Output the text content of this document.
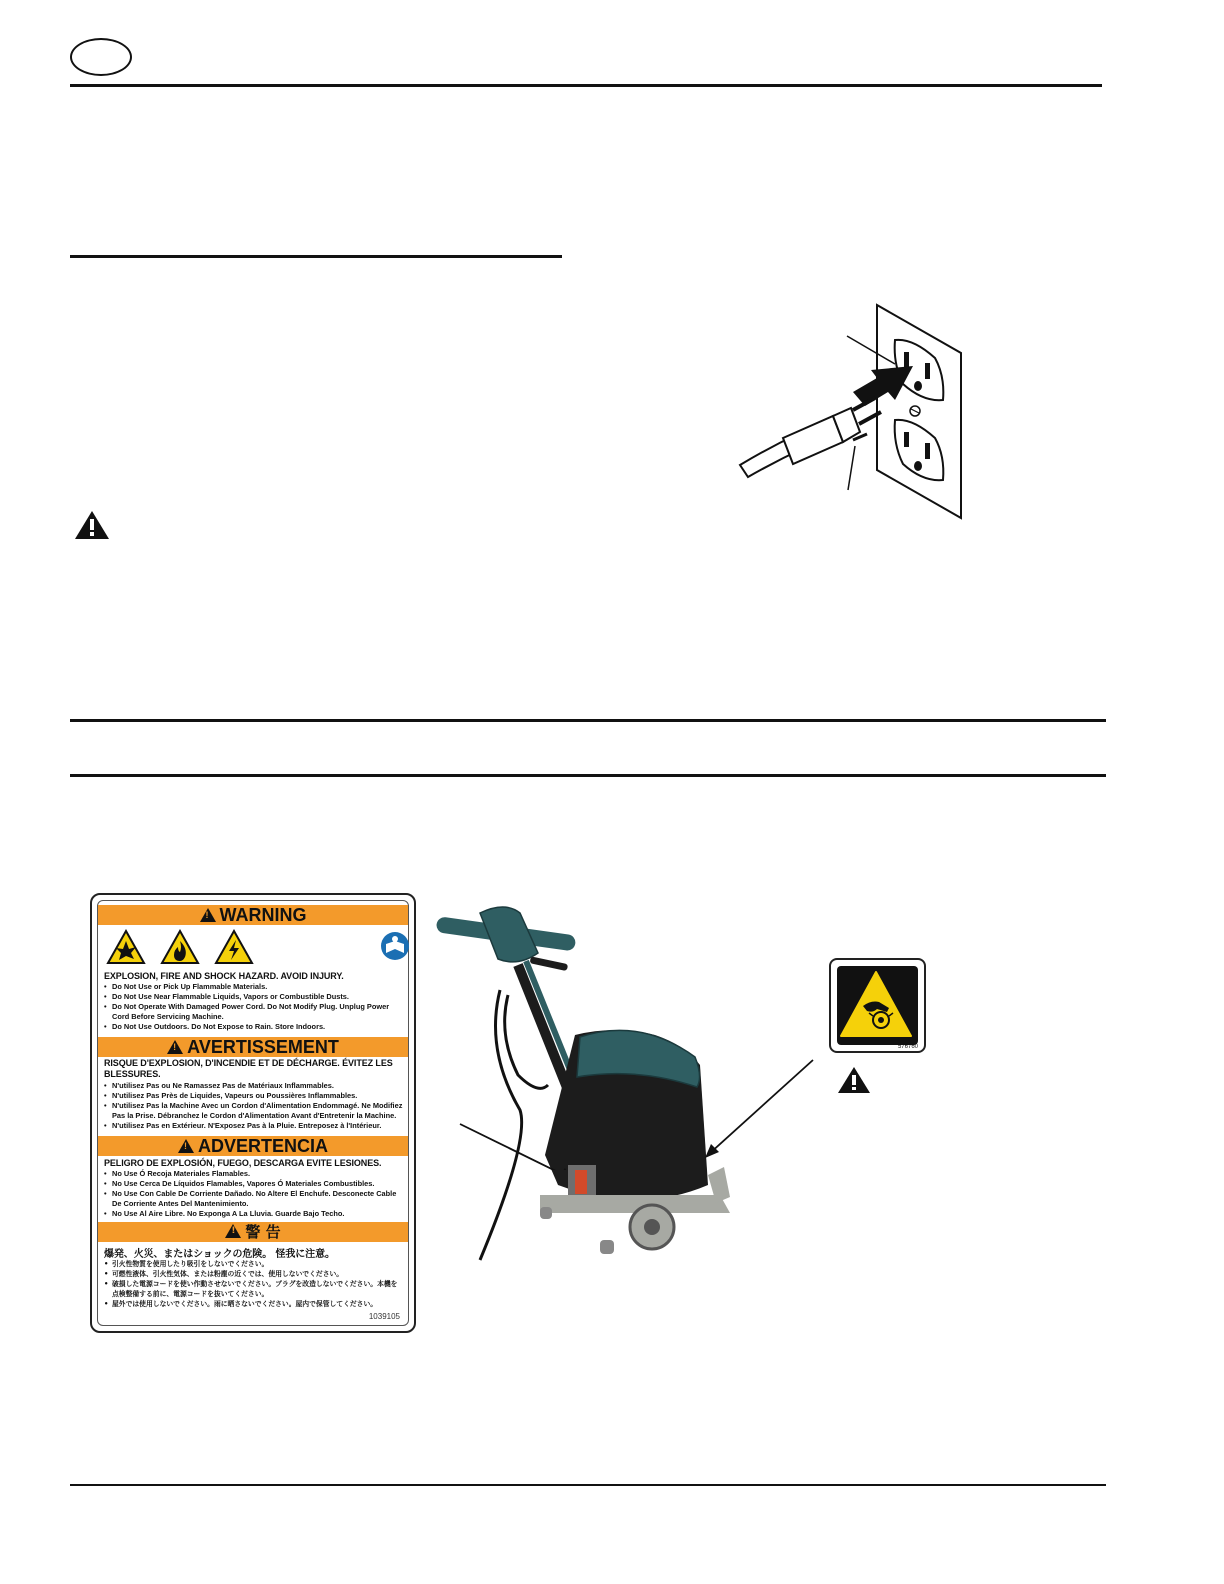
!WARNING
EXPLOSION, FIRE AND SHOCK HAZARD. AVOID INJURY.
• Do Not Use or Pick Up Flammable Materials.
• Do Not Use Near Flammable Liquids, Vapors or Combustible Dusts.
• Do Not Operate With Damaged Power Cord. Do Not Modify Plug. Unplug Power Cord Before Servicing Machine.
• Do Not Use Outdoors. Do Not Expose to Rain. Store Indoors.
!AVERTISSEMENT
RISQUE D'EXPLOSION, D'INCENDIE ET DE DÉCHARGE. ÉVITEZ LES BLESSURES.
• N'utilisez Pas ou Ne Ramassez Pas de Matériaux Inflammables.
• N'utilisez Pas Près de Liquides, Vapeurs ou Poussières Inflammables.
• N'utilisez Pas la Machine Avec un Cordon d'Alimentation Endommagé. Ne Modifiez Pas la Prise. Débranchez le Cordon d'Alimentation Avant d'Entretenir la Machine.
• N'utilisez Pas en Extérieur. N'Exposez Pas à la Pluie. Entreposez à l'Intérieur.
!ADVERTENCIA
PELIGRO DE EXPLOSIÓN, FUEGO, DESCARGA EVITE LESIONES.
• No Use Ó Recoja Materiales Flamables.
• No Use Cerca De Líquidos Flamables, Vapores Ó Materiales Combustibles.
• No Use Con Cable De Corriente Dañado. No Altere El Enchufe. Desconecte Cable De Corriente Antes Del Mantenimiento.
• No Use Al Aire Libre. No Exponga A La Lluvia. Guarde Bajo Techo.
!警 告
爆発、火災、またはショックの危険。 怪我に注意。
• 引火性物質を使用したり吸引をしないでください。
• 可燃性液体、引火性気体、または粉塵の近くでは、使用しないでください。
• 破損した電源コードを使い作動させないでください。プラグを改造しないでください。本機を点検整備する前に、電源コードを抜いてください。
• 屋外では使用しないでください。雨に晒さないでください。屋内で保管してください。
1039105
576760
